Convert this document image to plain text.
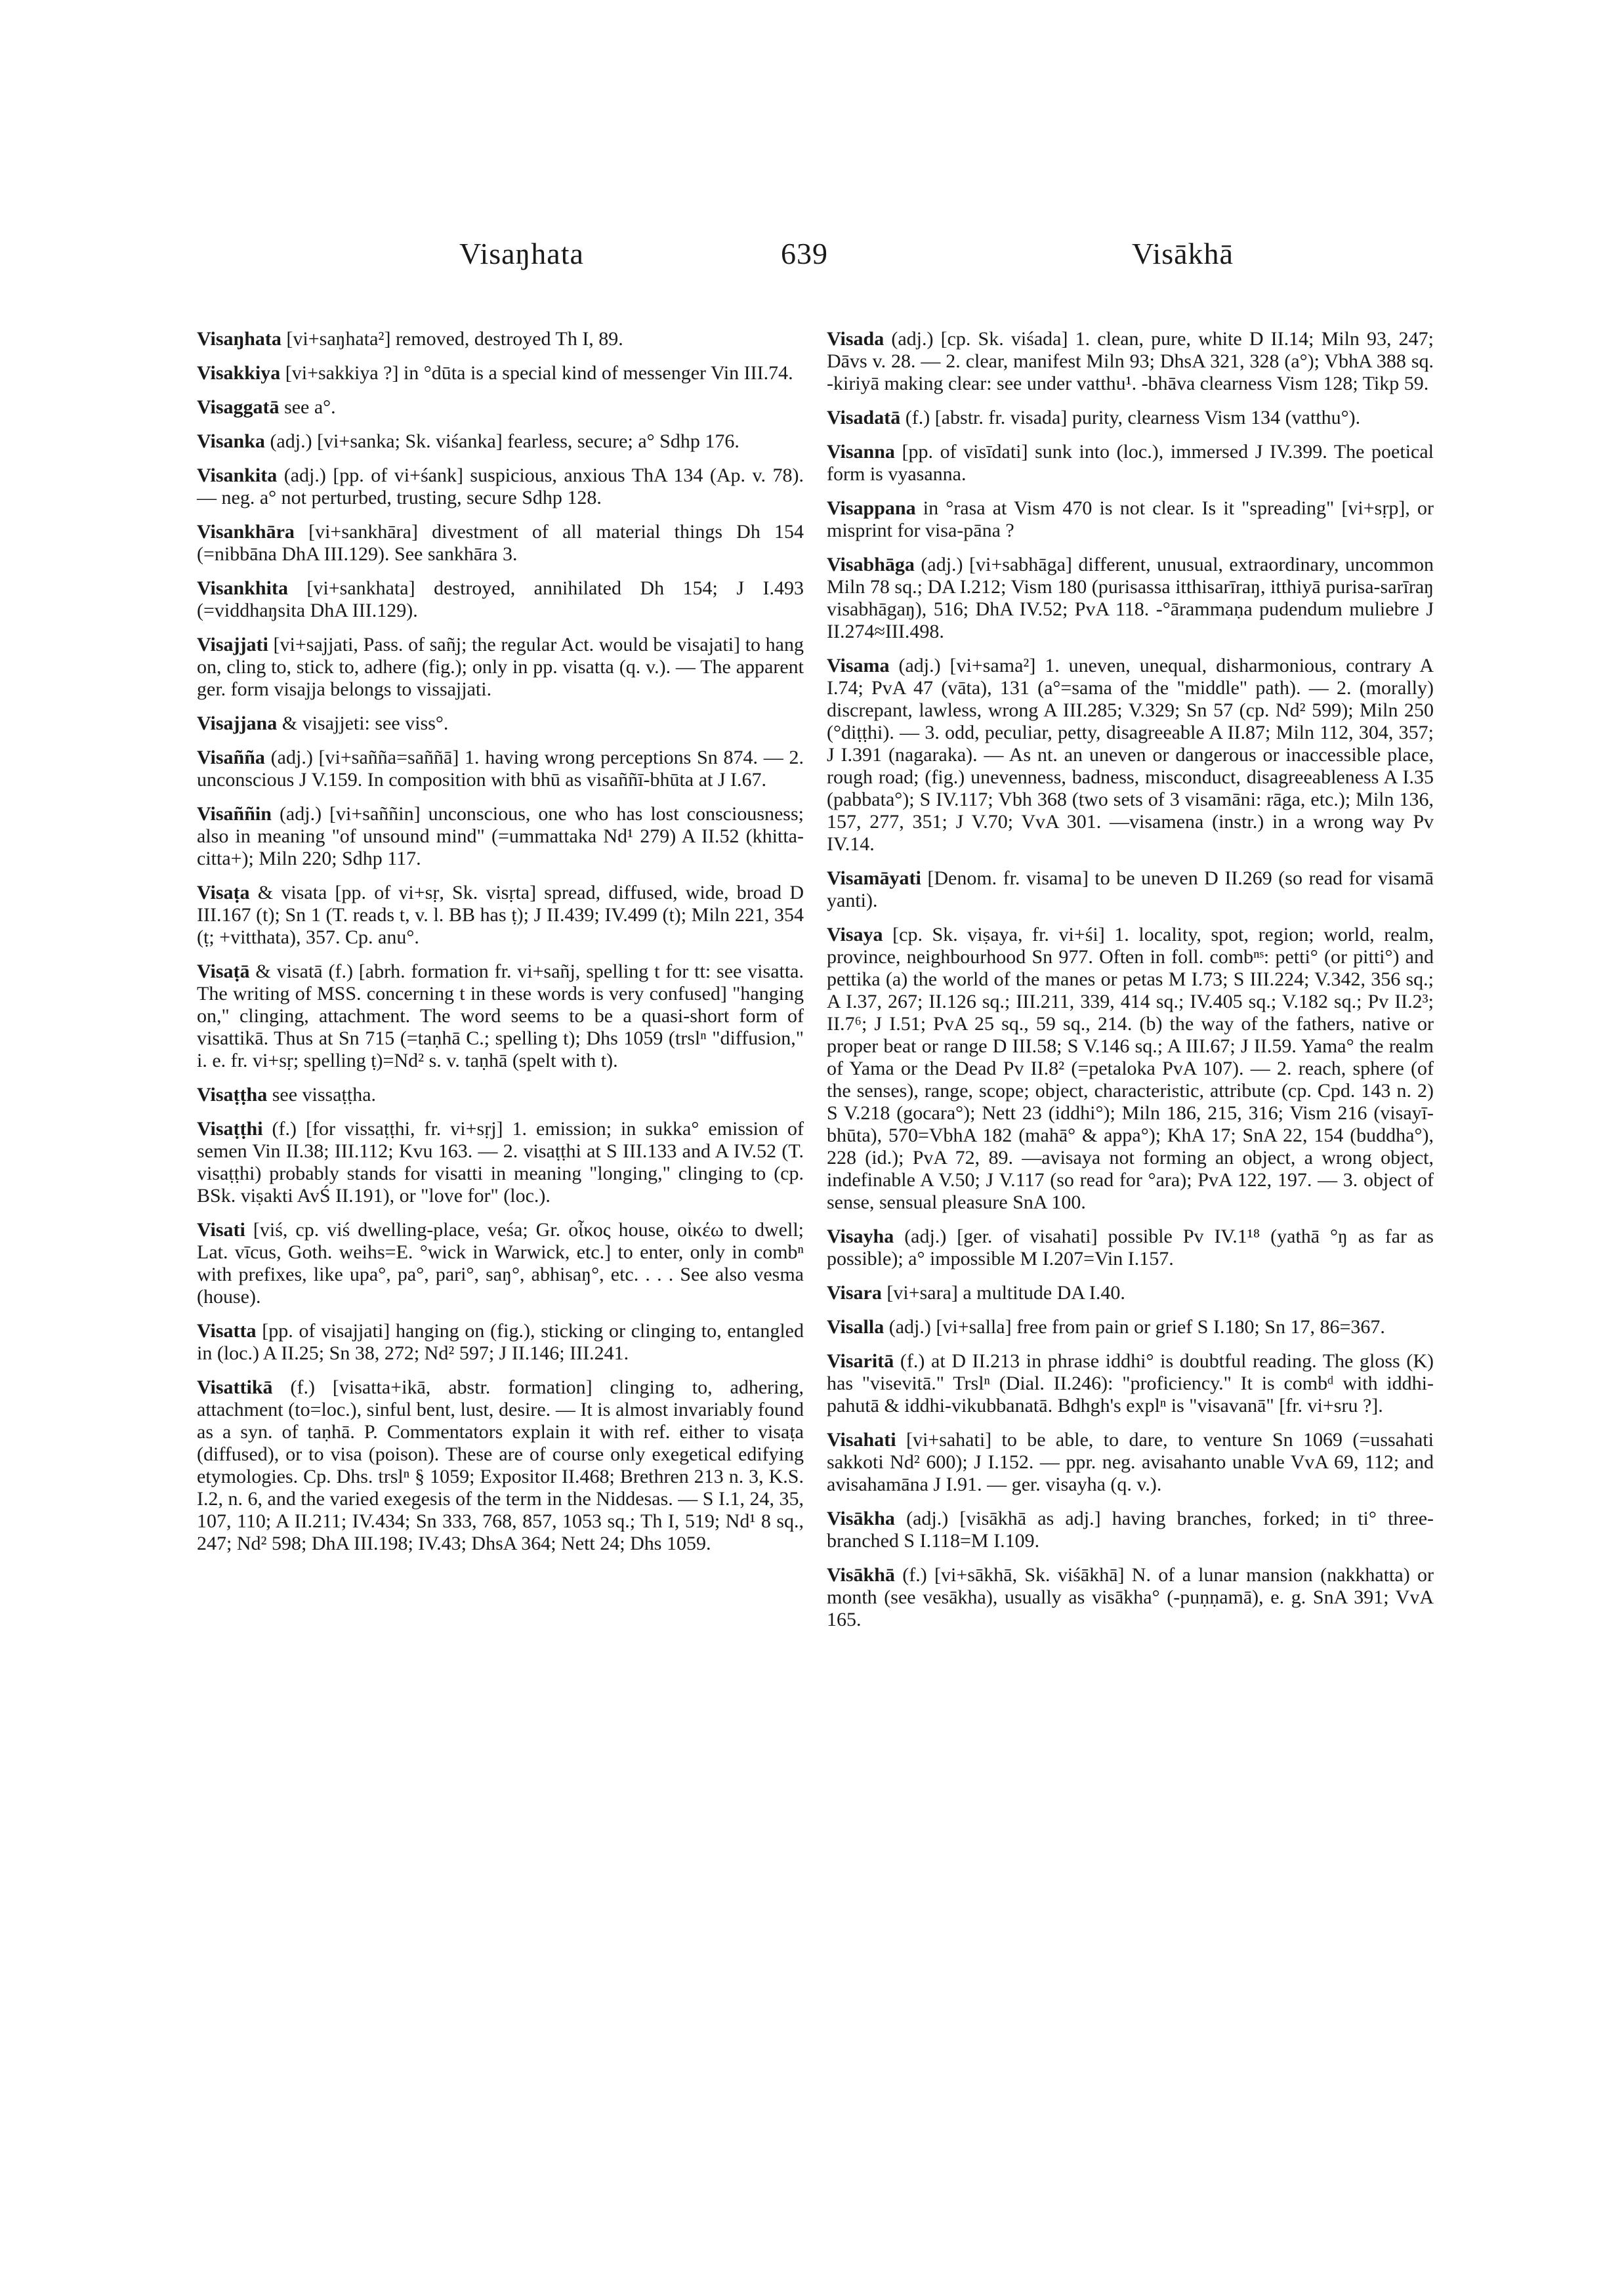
Visaŋhata	639	Visākhā

Visaŋhata [vi+saŋhata²] removed, destroyed Th I, 89.

Visakkiya [vi+sakkiya ?] in °dūta is a special kind of messenger Vin III.74.

Visaggatā see a°.

Visanka (adj.) [vi+sanka; Sk. viśanka] fearless, secure; a° Sdhp 176.

Visankita (adj.) [pp. of vi+śank] suspicious, anxious ThA 134 (Ap. v. 78). — neg. a° not perturbed, trusting, secure Sdhp 128.

Visankhāra [vi+sankhāra] divestment of all material things Dh 154 (=nibbāna DhA III.129). See sankhāra 3.

Visankhita [vi+sankhata] destroyed, annihilated Dh 154; J I.493 (=viddhaŋsita DhA III.129).

Visajjati [vi+sajjati, Pass. of sañj; the regular Act. would be visajati] to hang on, cling to, stick to, adhere (fig.); only in pp. visatta (q. v.). — The apparent ger. form visajja belongs to vissajjati.

Visajjana & visajjeti: see viss°.

Visañña (adj.) [vi+sañña=saññā] 1. having wrong perceptions Sn 874. — 2. unconscious J V.159. In composition with bhū as visaññī-bhūta at J I.67.

Visaññin (adj.) [vi+saññin] unconscious, one who has lost consciousness; also in meaning "of unsound mind" (=ummattaka Nd¹ 279) A II.52 (khitta-citta+); Miln 220; Sdhp 117.

Visaṭa & visata [pp. of vi+sṛ, Sk. visṛta] spread, diffused, wide, broad D III.167 (t); Sn 1 (T. reads t, v. l. BB has ṭ); J II.439; IV.499 (t); Miln 221, 354 (ṭ; +vitthata), 357. Cp. anu°.

Visaṭā & visatā (f.) [abrh. formation fr. vi+sañj, spelling t for tt: see visatta. The writing of MSS. concerning t in these words is very confused] "hanging on," clinging, attachment. The word seems to be a quasi-short form of visattikā. Thus at Sn 715 (=taṇhā C.; spelling t); Dhs 1059 (trslⁿ "diffusion," i. e. fr. vi+sṛ; spelling ṭ)=Nd² s. v. taṇhā (spelt with t).

Visaṭṭha see vissaṭṭha.

Visaṭṭhi (f.) [for vissaṭṭhi, fr. vi+sṛj] 1. emission; in sukka° emission of semen Vin II.38; III.112; Kvu 163. — 2. visaṭṭhi at S III.133 and A IV.52 (T. visaṭṭhi) probably stands for visatti in meaning "longing," clinging to (cp. BSk. viṣakti AvŚ II.191), or "love for" (loc.).

Visati [viś, cp. viś dwelling-place, veśa; Gr. οἶκος house, οἰκέω to dwell; Lat. vīcus, Goth. weihs=E. °wick in Warwick, etc.] to enter, only in combⁿ with prefixes, like upa°, pa°, pari°, saŋ°, abhisaŋ°, etc. . . . See also vesma (house).

Visatta [pp. of visajjati] hanging on (fig.), sticking or clinging to, entangled in (loc.) A II.25; Sn 38, 272; Nd² 597; J II.146; III.241.

Visattikā (f.) [visatta+ikā, abstr. formation] clinging to, adhering, attachment (to=loc.), sinful bent, lust, desire. — It is almost invariably found as a syn. of taṇhā. P. Commentators explain it with ref. either to visaṭa (diffused), or to visa (poison). These are of course only exegetical edifying etymologies. Cp. Dhs. trslⁿ § 1059; Expositor II.468; Brethren 213 n. 3, K.S. I.2, n. 6, and the varied exegesis of the term in the Niddesas. — S I.1, 24, 35, 107, 110; A II.211; IV.434; Sn 333, 768, 857, 1053 sq.; Th I, 519; Nd¹ 8 sq., 247; Nd² 598; DhA III.198; IV.43; DhsA 364; Nett 24; Dhs 1059.

Visada (adj.) [cp. Sk. viśada] 1. clean, pure, white D II.14; Miln 93, 247; Dāvs v. 28. — 2. clear, manifest Miln 93; DhsA 321, 328 (a°); VbhA 388 sq. -kiriyā making clear: see under vatthu¹. -bhāva clearness Vism 128; Tikp 59.

Visadatā (f.) [abstr. fr. visada] purity, clearness Vism 134 (vatthu°).

Visanna [pp. of visīdati] sunk into (loc.), immersed J IV.399. The poetical form is vyasanna.

Visappana in °rasa at Vism 470 is not clear. Is it "spreading" [vi+sṛp], or misprint for visa-pāna ?

Visabhāga (adj.) [vi+sabhāga] different, unusual, extraordinary, uncommon Miln 78 sq.; DA I.212; Vism 180 (purisassa itthisarīraŋ, itthiyā purisa-sarīraŋ visabhāgaŋ), 516; DhA IV.52; PvA 118. -°ārammaṇa pudendum muliebre J II.274≈III.498.

Visama (adj.) [vi+sama²] 1. uneven, unequal, disharmonious, contrary A I.74; PvA 47 (vāta), 131 (a°=sama of the "middle" path). — 2. (morally) discrepant, lawless, wrong A III.285; V.329; Sn 57 (cp. Nd² 599); Miln 250 (°diṭṭhi). — 3. odd, peculiar, petty, disagreeable A II.87; Miln 112, 304, 357; J I.391 (nagaraka). — As nt. an uneven or dangerous or inaccessible place, rough road; (fig.) unevenness, badness, misconduct, disagreeableness A I.35 (pabbata°); S IV.117; Vbh 368 (two sets of 3 visamāni: rāga, etc.); Miln 136, 157, 277, 351; J V.70; VvA 301. —visamena (instr.) in a wrong way Pv IV.14.

Visamāyati [Denom. fr. visama] to be uneven D II.269 (so read for visamā yanti).

Visaya [cp. Sk. viṣaya, fr. vi+śi] 1. locality, spot, region; world, realm, province, neighbourhood Sn 977. Often in foll. combⁿˢ: petti° (or pitti°) and pettika (a) the world of the manes or petas M I.73; S III.224; V.342, 356 sq.; A I.37, 267; II.126 sq.; III.211, 339, 414 sq.; IV.405 sq.; V.182 sq.; Pv II.2³; II.7⁶; J I.51; PvA 25 sq., 59 sq., 214. (b) the way of the fathers, native or proper beat or range D III.58; S V.146 sq.; A III.67; J II.59. Yama° the realm of Yama or the Dead Pv II.8² (=petaloka PvA 107). — 2. reach, sphere (of the senses), range, scope; object, characteristic, attribute (cp. Cpd. 143 n. 2) S V.218 (gocara°); Nett 23 (iddhi°); Miln 186, 215, 316; Vism 216 (visayī-bhūta), 570=VbhA 182 (mahā° & appa°); KhA 17; SnA 22, 154 (buddha°), 228 (id.); PvA 72, 89. —avisaya not forming an object, a wrong object, indefinable A V.50; J V.117 (so read for °ara); PvA 122, 197. — 3. object of sense, sensual pleasure SnA 100.

Visayha (adj.) [ger. of visahati] possible Pv IV.1¹⁸ (yathā °ŋ as far as possible); a° impossible M I.207=Vin I.157.

Visara [vi+sara] a multitude DA I.40.

Visalla (adj.) [vi+salla] free from pain or grief S I.180; Sn 17, 86=367.

Visaritā (f.) at D II.213 in phrase iddhi° is doubtful reading. The gloss (K) has "visevitā." Trslⁿ (Dial. II.246): "proficiency." It is combᵈ with iddhi-pahutā & iddhi-vikubbanatā. Bdhgh's explⁿ is "visavanā" [fr. vi+sru ?].

Visahati [vi+sahati] to be able, to dare, to venture Sn 1069 (=ussahati sakkoti Nd² 600); J I.152. — ppr. neg. avisahanto unable VvA 69, 112; and avisahamāna J I.91. — ger. visayha (q. v.).

Visākha (adj.) [visākhā as adj.] having branches, forked; in ti° three-branched S I.118=M I.109.

Visākhā (f.) [vi+sākhā, Sk. viśākhā] N. of a lunar mansion (nakkhatta) or month (see vesākha), usually as visākha° (-puṇṇamā), e. g. SnA 391; VvA 165.
